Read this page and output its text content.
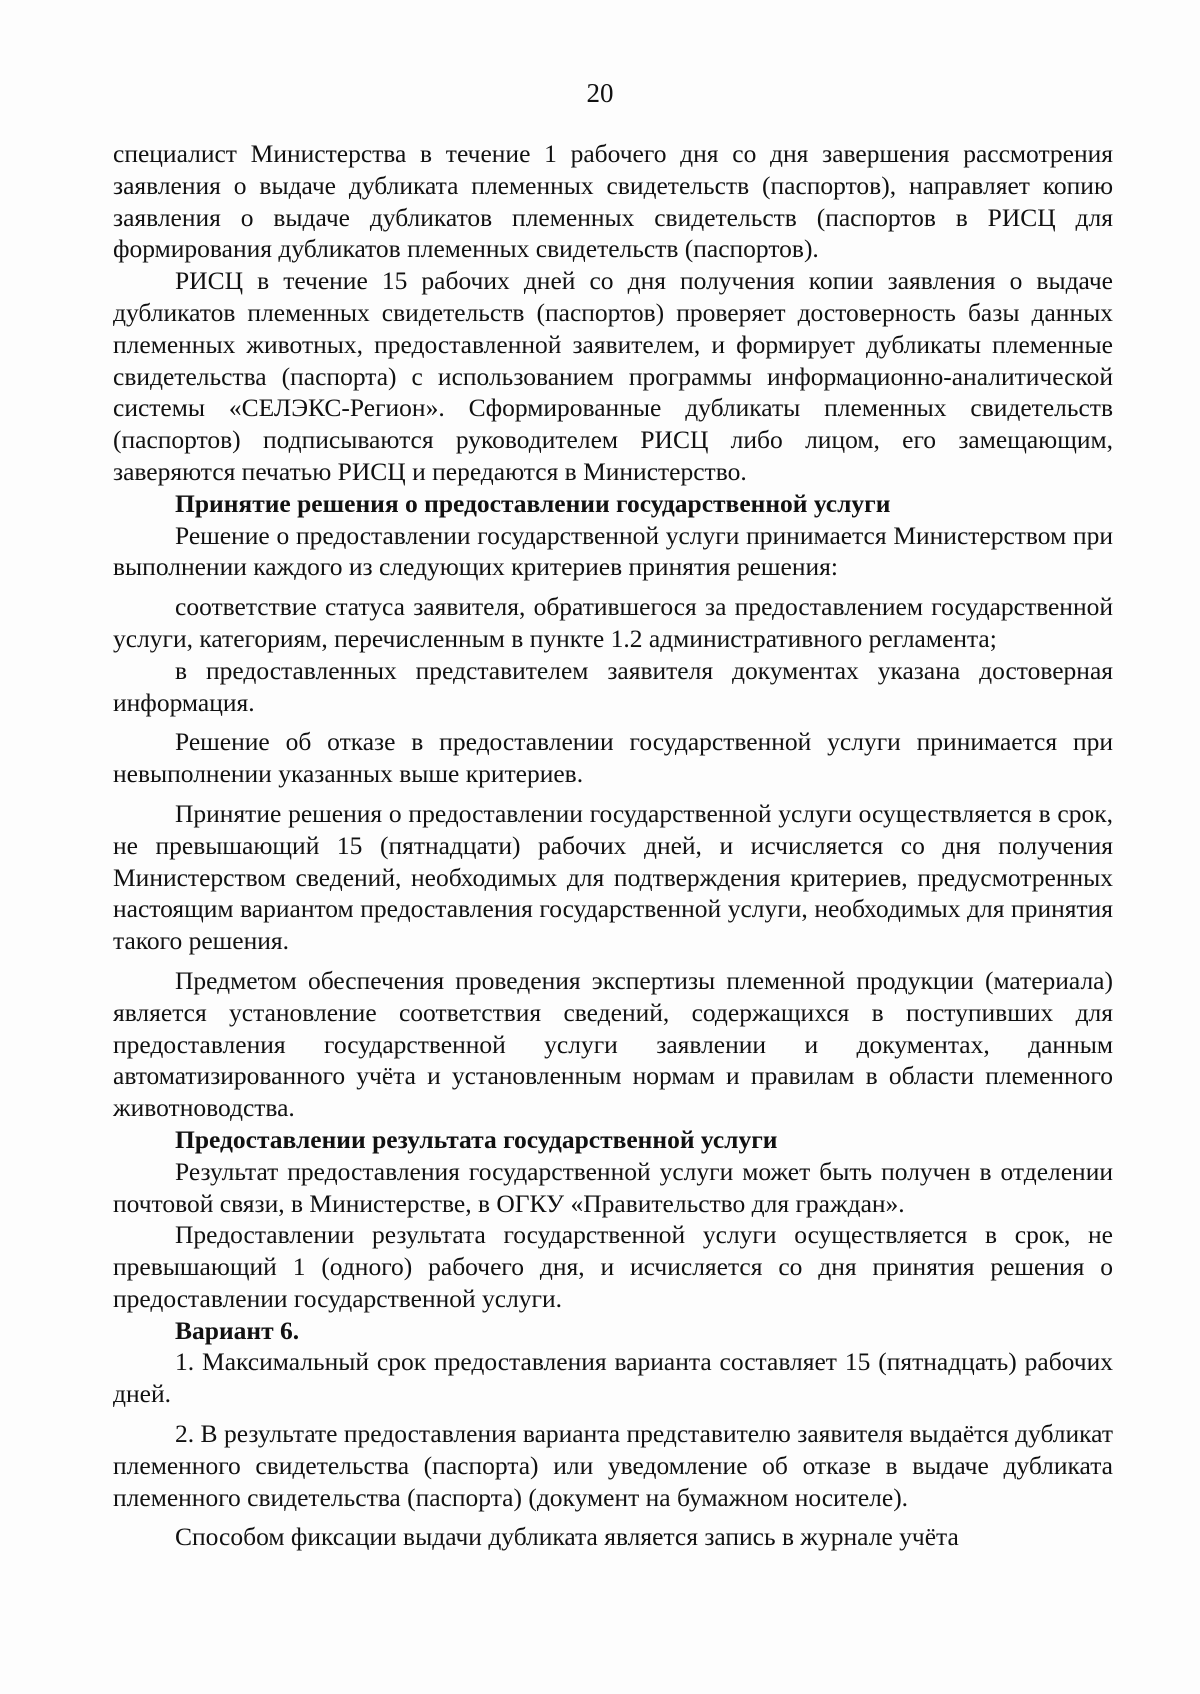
20

специалист Министерства в течение 1 рабочего дня со дня завершения рассмотрения заявления о выдаче дубликата племенных свидетельств (паспортов), направляет копию заявления о выдаче дубликатов племенных свидетельств (паспортов в РИСЦ для формирования дубликатов племенных свидетельств (паспортов).

РИСЦ в течение 15 рабочих дней со дня получения копии заявления о выдаче дубликатов племенных свидетельств (паспортов) проверяет достоверность базы данных племенных животных, предоставленной заявителем, и формирует дубликаты племенные свидетельства (паспорта) с использованием программы информационно-аналитической системы «СЕЛЭКС-Регион». Сформированные дубликаты племенных свидетельств (паспортов) подписываются руководителем РИСЦ либо лицом, его замещающим, заверяются печатью РИСЦ и передаются в Министерство.

Принятие решения о предоставлении государственной услуги

Решение о предоставлении государственной услуги принимается Министерством при выполнении каждого из следующих критериев принятия решения:

соответствие статуса заявителя, обратившегося за предоставлением государственной услуги, категориям, перечисленным в пункте 1.2 административного регламента;

в предоставленных представителем заявителя документах указана достоверная информация.

Решение об отказе в предоставлении государственной услуги принимается при невыполнении указанных выше критериев.

Принятие решения о предоставлении государственной услуги осуществляется в срок, не превышающий 15 (пятнадцати) рабочих дней, и исчисляется со дня получения Министерством сведений, необходимых для подтверждения критериев, предусмотренных настоящим вариантом предоставления государственной услуги, необходимых для принятия такого решения.

Предметом обеспечения проведения экспертизы племенной продукции (материала) является установление соответствия сведений, содержащихся в поступивших для предоставления государственной услуги заявлении и документах, данным автоматизированного учёта и установленным нормам и правилам в области племенного животноводства.

Предоставлении результата государственной услуги

Результат предоставления государственной услуги может быть получен в отделении почтовой связи, в Министерстве, в ОГКУ «Правительство для граждан».

Предоставлении результата государственной услуги осуществляется в срок, не превышающий 1 (одного) рабочего дня, и исчисляется со дня принятия решения о предоставлении государственной услуги.

Вариант 6.

1. Максимальный срок предоставления варианта составляет 15 (пятнадцать) рабочих дней.

2. В результате предоставления варианта представителю заявителя выдаётся дубликат племенного свидетельства (паспорта) или уведомление об отказе в выдаче дубликата племенного свидетельства (паспорта) (документ на бумажном носителе).

Способом фиксации выдачи дубликата является запись в журнале учёта
